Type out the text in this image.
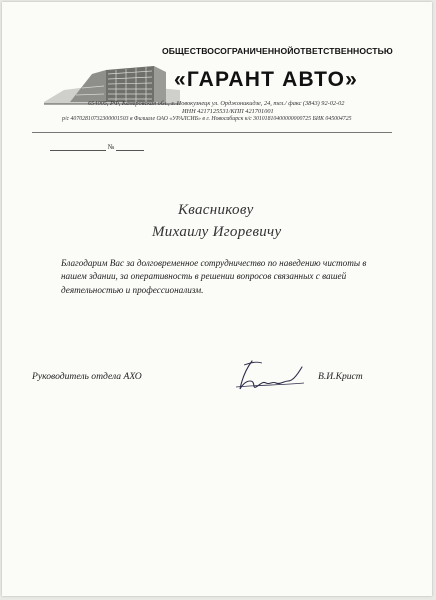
ОБЩЕСТВОСОГРАНИЧЕННОЙОТВЕТСТВЕННОСТЬЮ
«ГАРАНТ АВТО»
654005, РФ, Кемеровская обл., г. Новокузнецк ул. Орджоникидзе, 24, тел./ факс (3843) 92-02-02
ИНН 4217125531/КПП 421701001
р/с 40702810732300001503 в Филиале ОАО «УРАЛСИБ» в г. Новосибирск к/с 30101810400000000725 БИК 045004725
№
Квасникову
Михаилу Игоревичу
Благодарим Вас за долговременное сотрудничество по наведению чистоты в
нашем здании, за оперативность в решении вопросов связанных с вашей
деятельностью и профессионализм.
Руководитель отдела АХО	В.И.Крист
